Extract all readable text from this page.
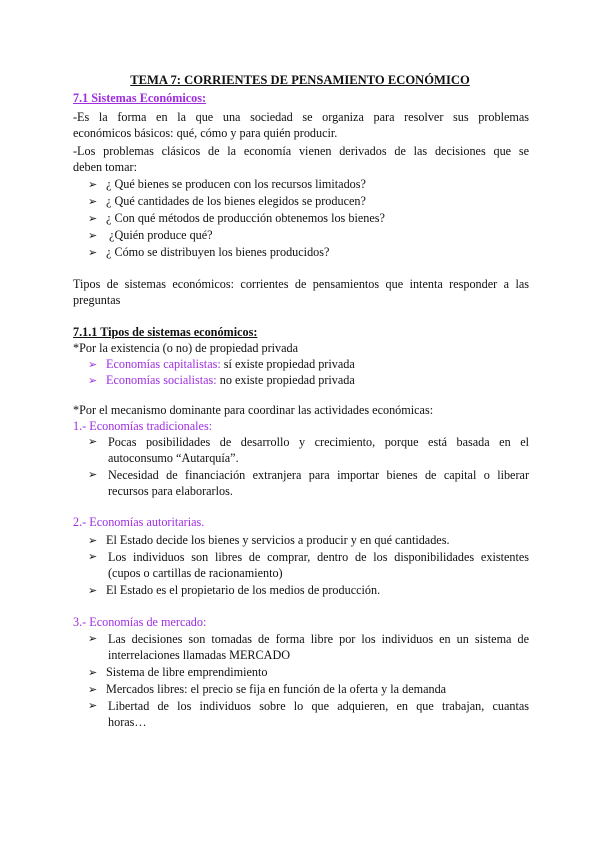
TEMA 7: CORRIENTES DE PENSAMIENTO ECONÓMICO
7.1 Sistemas Económicos:
-Es la forma en la que una sociedad se organiza para resolver sus problemas
económicos básicos: qué, cómo y para quién producir.
-Los problemas clásicos de la economía vienen derivados de las decisiones que se
deben tomar:
➢ ¿ Qué bienes se producen con los recursos limitados?
➢ ¿ Qué cantidades de los bienes elegidos se producen?
➢ ¿ Con qué métodos de producción obtenemos los bienes?
➢ ¿Quién produce qué?
➢ ¿ Cómo se distribuyen los bienes producidos?
Tipos de sistemas económicos: corrientes de pensamientos que intenta responder a las
preguntas
7.1.1 Tipos de sistemas económicos:
*Por la existencia (o no) de propiedad privada
➢ Economías capitalistas: sí existe propiedad privada
➢ Economías socialistas: no existe propiedad privada
*Por el mecanismo dominante para coordinar las actividades económicas:
1.- Economías tradicionales:
➢ Pocas posibilidades de desarrollo y crecimiento, porque está basada en el
autoconsumo “Autarquía”.
➢ Necesidad de financiación extranjera para importar bienes de capital o liberar
recursos para elaborarlos.
2.- Economías autoritarias.
➢ El Estado decide los bienes y servicios a producir y en qué cantidades.
➢ Los individuos son libres de comprar, dentro de los disponibilidades existentes
(cupos o cartillas de racionamiento)
➢ El Estado es el propietario de los medios de producción.
3.- Economías de mercado:
➢ Las decisiones son tomadas de forma libre por los individuos en un sistema de
interrelaciones llamadas MERCADO
➢ Sistema de libre emprendimiento
➢ Mercados libres: el precio se fija en función de la oferta y la demanda
➢ Libertad de los individuos sobre lo que adquieren, en que trabajan, cuantas
horas…
